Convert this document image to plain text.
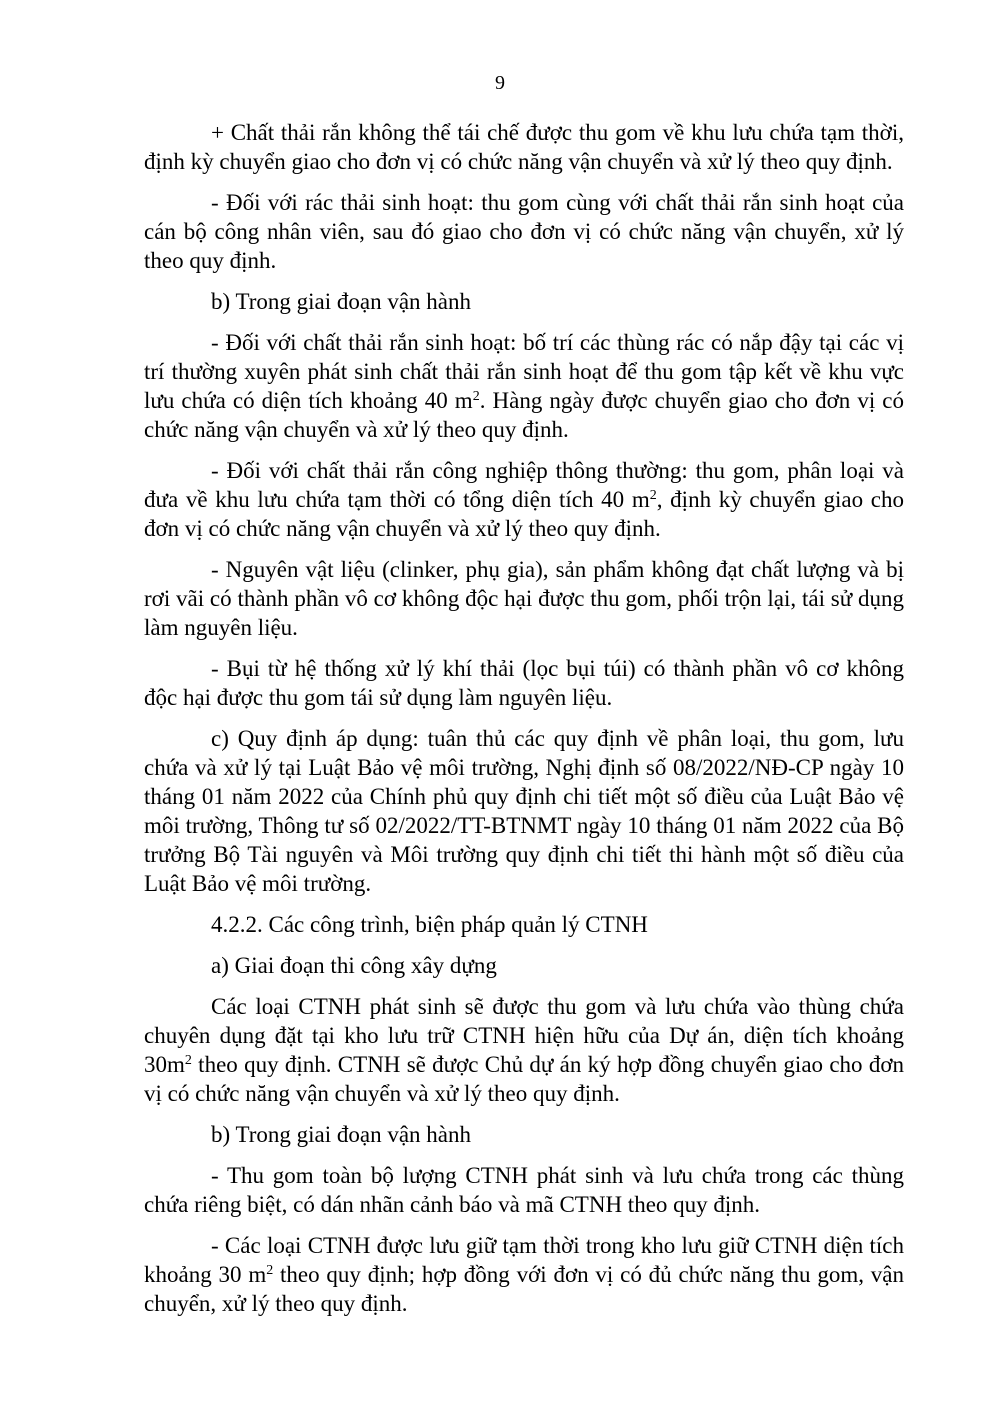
9

+ Chất thải rắn không thể tái chế được thu gom về khu lưu chứa tạm thời, định kỳ chuyển giao cho đơn vị có chức năng vận chuyển và xử lý theo quy định.

- Đối với rác thải sinh hoạt: thu gom cùng với chất thải rắn sinh hoạt của cán bộ công nhân viên, sau đó giao cho đơn vị có chức năng vận chuyển, xử lý theo quy định.

b) Trong giai đoạn vận hành

- Đối với chất thải rắn sinh hoạt: bố trí các thùng rác có nắp đậy tại các vị trí thường xuyên phát sinh chất thải rắn sinh hoạt để thu gom tập kết về khu vực lưu chứa có diện tích khoảng 40 $m^2$. Hàng ngày được chuyển giao cho đơn vị có chức năng vận chuyển và xử lý theo quy định.

- Đối với chất thải rắn công nghiệp thông thường: thu gom, phân loại và đưa về khu lưu chứa tạm thời có tổng diện tích 40 $m^2$, định kỳ chuyển giao cho đơn vị có chức năng vận chuyển và xử lý theo quy định.

- Nguyên vật liệu (clinker, phụ gia), sản phẩm không đạt chất lượng và bị rơi vãi có thành phần vô cơ không độc hại được thu gom, phối trộn lại, tái sử dụng làm nguyên liệu.

- Bụi từ hệ thống xử lý khí thải (lọc bụi túi) có thành phần vô cơ không độc hại được thu gom tái sử dụng làm nguyên liệu.

c) Quy định áp dụng: tuân thủ các quy định về phân loại, thu gom, lưu chứa và xử lý tại Luật Bảo vệ môi trường, Nghị định số 08/2022/NĐ-CP ngày 10 tháng 01 năm 2022 của Chính phủ quy định chi tiết một số điều của Luật Bảo vệ môi trường, Thông tư số 02/2022/TT-BTNMT ngày 10 tháng 01 năm 2022 của Bộ trưởng Bộ Tài nguyên và Môi trường quy định chi tiết thi hành một số điều của Luật Bảo vệ môi trường.

4.2.2. Các công trình, biện pháp quản lý CTNH

a) Giai đoạn thi công xây dựng

Các loại CTNH phát sinh sẽ được thu gom và lưu chứa vào thùng chứa chuyên dụng đặt tại kho lưu trữ CTNH hiện hữu của Dự án, diện tích khoảng $30m^2$ theo quy định. CTNH sẽ được Chủ dự án ký hợp đồng chuyển giao cho đơn vị có chức năng vận chuyển và xử lý theo quy định.

b) Trong giai đoạn vận hành

- Thu gom toàn bộ lượng CTNH phát sinh và lưu chứa trong các thùng chứa riêng biệt, có dán nhãn cảnh báo và mã CTNH theo quy định.

- Các loại CTNH được lưu giữ tạm thời trong kho lưu giữ CTNH diện tích khoảng 30 $m^2$ theo quy định; hợp đồng với đơn vị có đủ chức năng thu gom, vận chuyển, xử lý theo quy định.
